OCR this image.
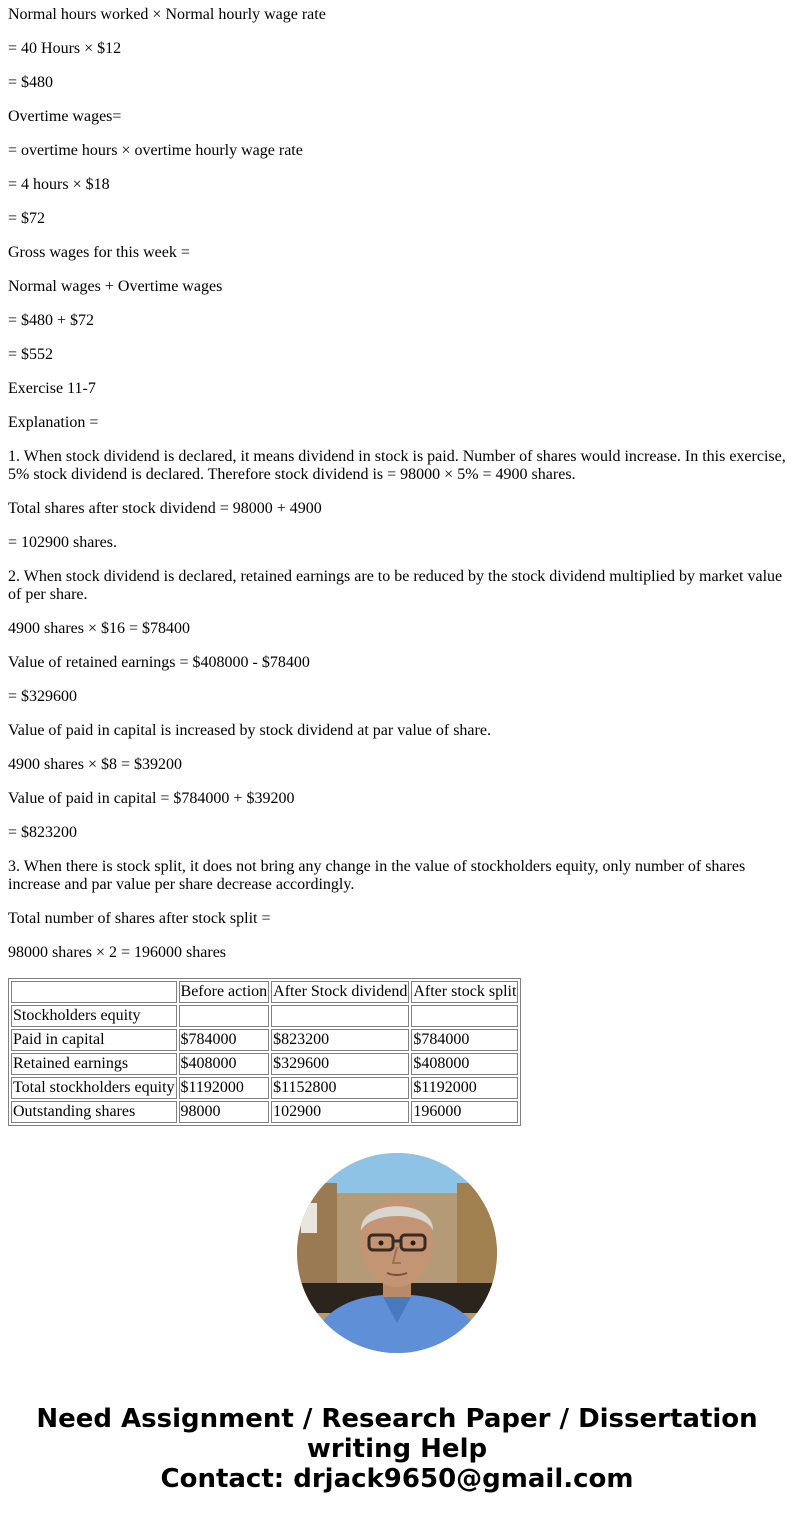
Normal hours worked × Normal hourly wage rate

= 40 Hours × $12

= $480

Overtime wages=

= overtime hours × overtime hourly wage rate

= 4 hours × $18

= $72

Gross wages for this week =

Normal wages + Overtime wages

= $480 + $72

= $552

Exercise 11-7

Explanation =

1. When stock dividend is declared, it means dividend in stock is paid. Number of shares would increase. In this exercise, 5% stock dividend is declared. Therefore stock dividend is = 98000 × 5% = 4900 shares.

Total shares after stock dividend = 98000 + 4900

= 102900 shares.

2. When stock dividend is declared, retained earnings are to be reduced by the stock dividend multiplied by market value of per share.

4900 shares × $16 = $78400

Value of retained earnings = $408000 - $78400

= $329600

Value of paid in capital is increased by stock dividend at par value of share.

4900 shares × $8 = $39200

Value of paid in capital = $784000 + $39200

= $823200

3. When there is stock split, it does not bring any change in the value of stockholders equity, only number of shares increase and par value per share decrease accordingly.

Total number of shares after stock split =

98000 shares × 2 = 196000 shares

	Before action	After Stock dividend	After stock split
Stockholders equity			
Paid in capital	$784000	$823200	$784000
Retained earnings	$408000	$329600	$408000
Total stockholders equity	$1192000	$1152800	$1192000
Outstanding shares	98000	102900	196000
Need Assignment / Research Paper / Dissertation
writing Help
Contact: drjack9650@gmail.com
